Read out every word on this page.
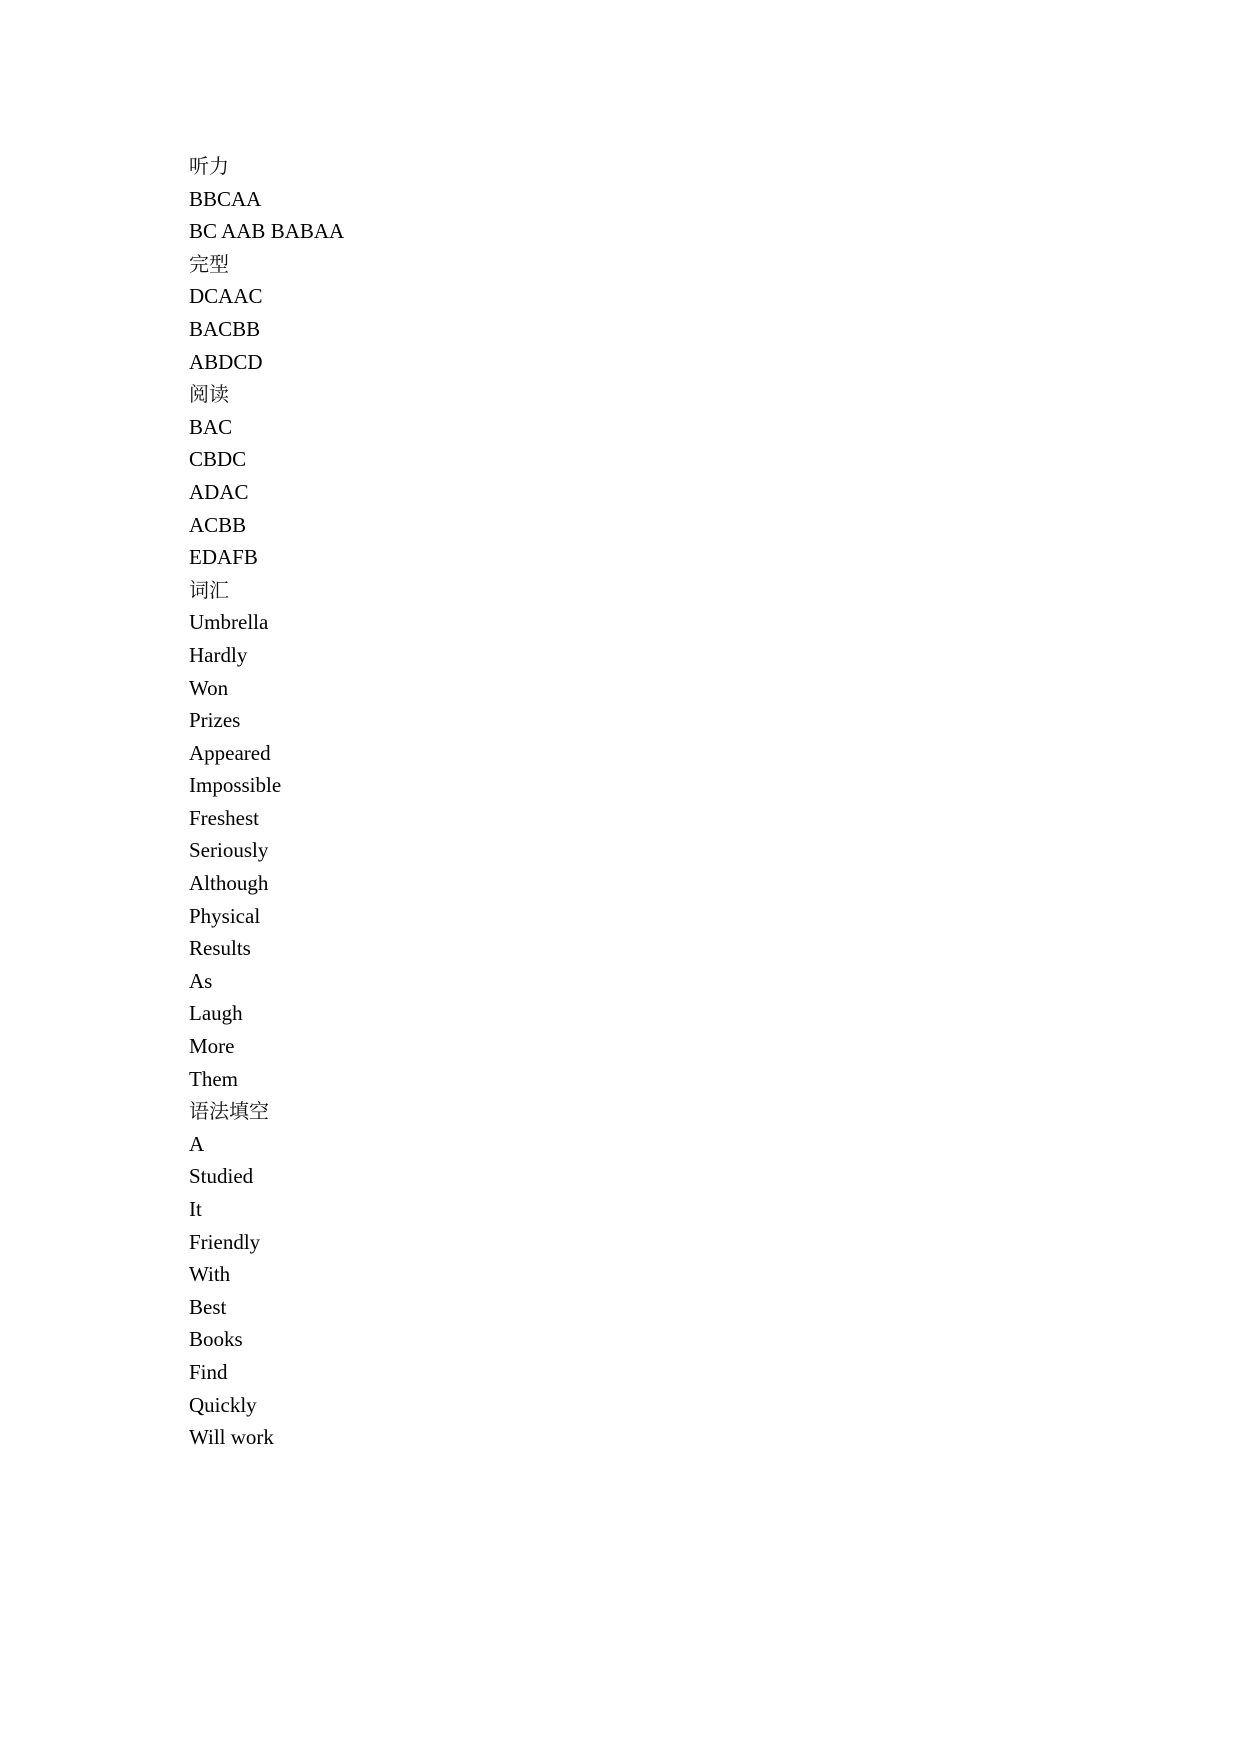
听力
BBCAA
BC AAB BABAA
完型
DCAAC
BACBB
ABDCD
阅读
BAC
CBDC
ADAC
ACBB
EDAFB
词汇
Umbrella
Hardly
Won
Prizes
Appeared
Impossible
Freshest
Seriously
Although
Physical
Results
As
Laugh
More
Them
语法填空
A
Studied
It
Friendly
With
Best
Books
Find
Quickly
Will work
